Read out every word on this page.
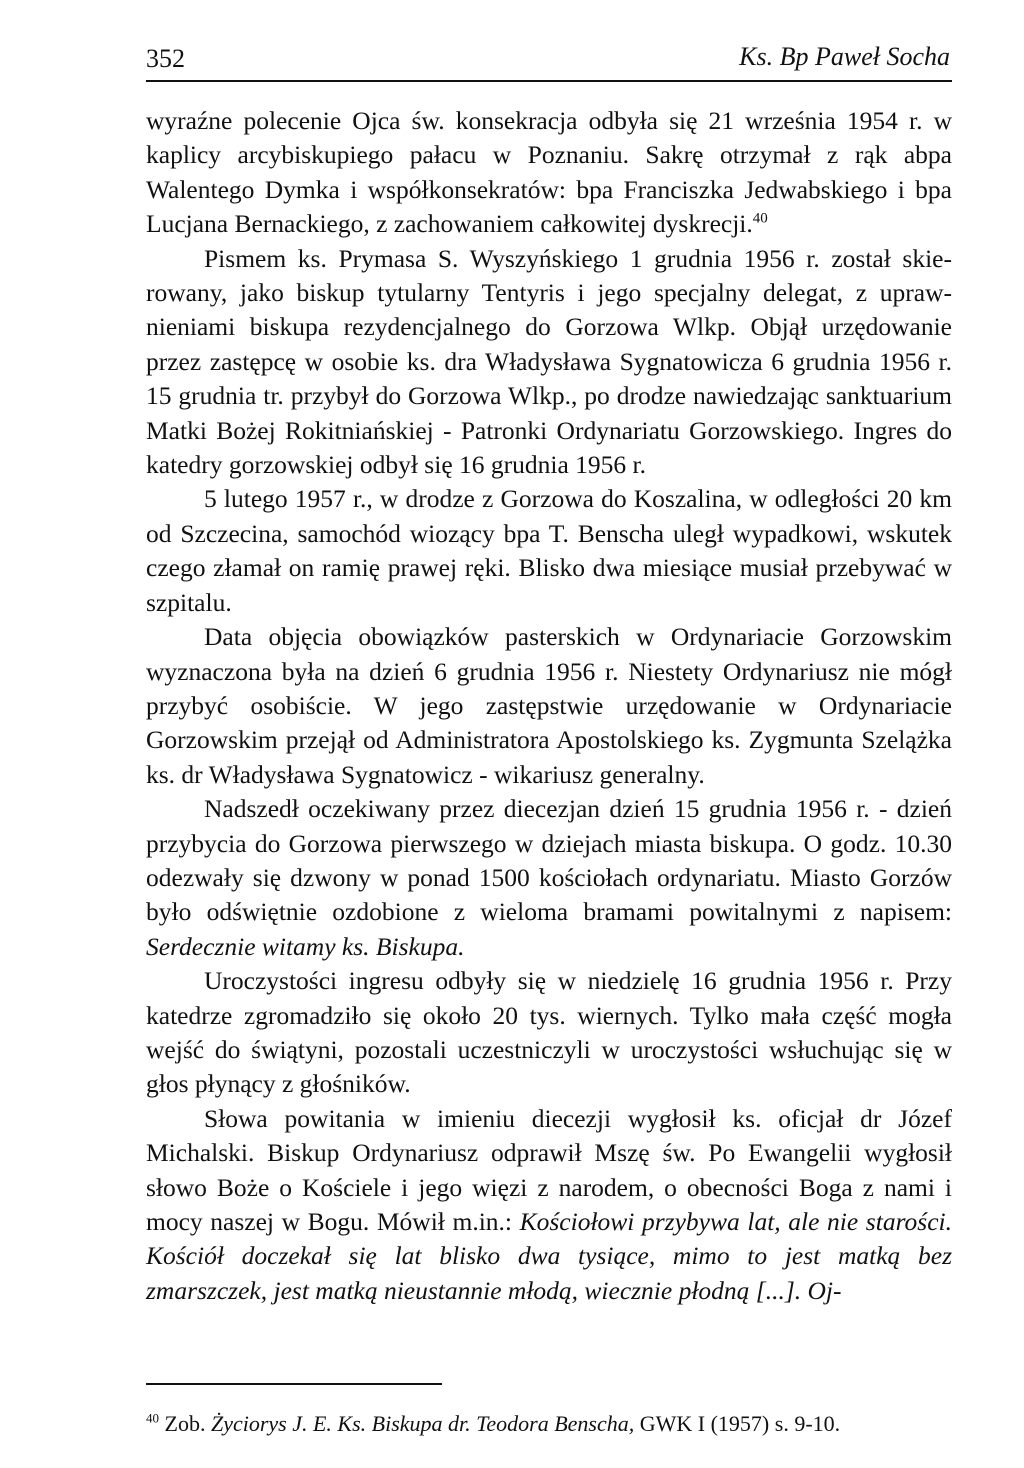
352	Ks. Bp Paweł Socha

wyraźne polecenie Ojca św. konsekracja odbyła się 21 września 1954 r. w kaplicy arcybiskupiego pałacu w Poznaniu. Sakrę otrzymał z rąk abpa Walentego Dymka i współkonsekratów: bpa Franciszka Jedwabskiego i bpa Lucjana Bernackiego, z zachowaniem całkowitej dyskrecji.$^{40}$

Pismem ks. Prymasa S. Wyszyńskiego 1 grudnia 1956 r. został skierowany, jako biskup tytularny Tentyris i jego specjalny delegat, z uprawnieniami biskupa rezydencjalnego do Gorzowa Wlkp. Objął urzędowanie przez zastępcę w osobie ks. dra Władysława Sygnatowicza 6 grudnia 1956 r. 15 grudnia tr. przybył do Gorzowa Wlkp., po drodze nawiedzając sanktuarium Matki Bożej Rokitniańskiej - Patronki Ordynariatu Gorzowskiego. Ingres do katedry gorzowskiej odbył się 16 grudnia 1956 r.

5 lutego 1957 r., w drodze z Gorzowa do Koszalina, w odległości 20 km od Szczecina, samochód wiozący bpa T. Benscha uległ wypadkowi, wskutek czego złamał on ramię prawej ręki. Blisko dwa miesiące musiał przebywać w szpitalu.

Data objęcia obowiązków pasterskich w Ordynariacie Gorzowskim wyznaczona była na dzień 6 grudnia 1956 r. Niestety Ordynariusz nie mógł przybyć osobiście. W jego zastępstwie urzędowanie w Ordynariacie Gorzowskim przejął od Administratora Apostolskiego ks. Zygmunta Szelążka ks. dr Władysława Sygnatowicz - wikariusz generalny.

Nadszedł oczekiwany przez diecezjan dzień 15 grudnia 1956 r. - dzień przybycia do Gorzowa pierwszego w dziejach miasta biskupa. O godz. 10.30 odezwały się dzwony w ponad 1500 kościołach ordynariatu. Miasto Gorzów było odświętnie ozdobione z wieloma bramami powitalnymi z napisem: Serdecznie witamy ks. Biskupa.

Uroczystości ingresu odbyły się w niedzielę 16 grudnia 1956 r. Przy katedrze zgromadziło się około 20 tys. wiernych. Tylko mała część mogła wejść do świątyni, pozostali uczestniczyli w uroczystości wsłuchując się w głos płynący z głośników.

Słowa powitania w imieniu diecezji wygłosił ks. oficjał dr Józef Michalski. Biskup Ordynariusz odprawił Mszę św. Po Ewangelii wygłosił słowo Boże o Kościele i jego więzi z narodem, o obecności Boga z nami i mocy naszej w Bogu. Mówił m.in.: Kościołowi przybywa lat, ale nie starości. Kościół doczekał się lat blisko dwa tysiące, mimo to jest matką bez zmarszczek, jest matką nieustannie młodą, wiecznie płodną [...]. Oj-

$^{40}$ Zob. Życiorys J. E. Ks. Biskupa dr. Teodora Benscha, GWK I (1957) s. 9-10.
